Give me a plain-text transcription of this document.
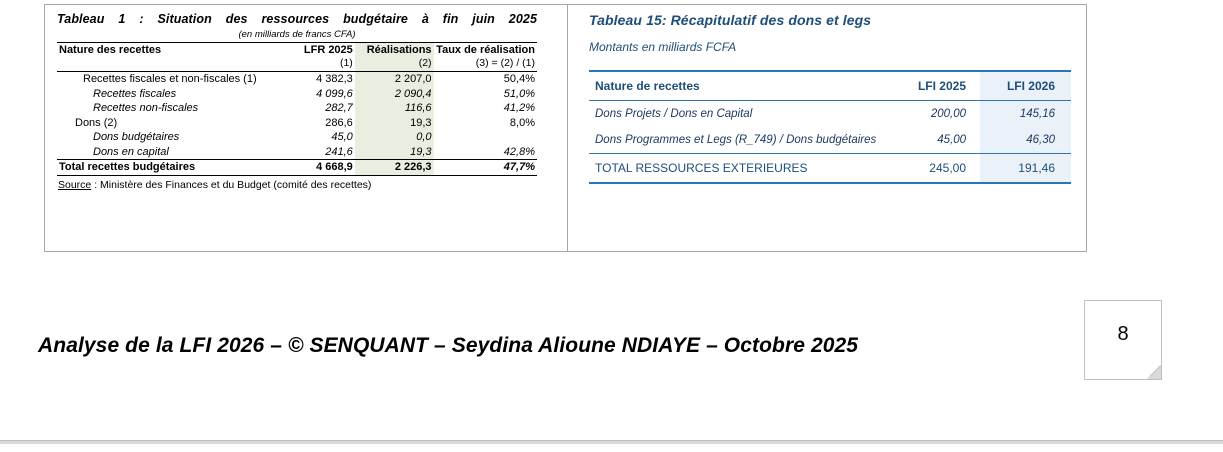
Tableau 1 : Situation des ressources budgétaire à fin juin 2025
(en milliards de francs CFA)
Nature des recettes	LFR 2025	Réalisations	Taux de réalisation
	(1)	(2)	(3) = (2) / (1)
Recettes fiscales et non-fiscales (1)	4 382,3	2 207,0	50,4%
Recettes fiscales	4 099,6	2 090,4	51,0%
Recettes non-fiscales	282,7	116,6	41,2%
Dons (2)	286,6	19,3	8,0%
Dons budgétaires	45,0	0,0	
Dons en capital	241,6	19,3	42,8%
Total recettes budgétaires	4 668,9	2 226,3	47,7%
Source : Ministère des Finances et du Budget (comité des recettes)
Tableau 15: Récapitulatif des dons et legs
Montants en milliards FCFA
Nature de recettes	LFI 2025	LFI 2026
Dons Projets / Dons en Capital	200,00	145,16
Dons Programmes et Legs (R_749) / Dons budgétaires	45,00	46,30
TOTAL RESSOURCES EXTERIEURES	245,00	191,46
Analyse de la LFI 2026 – © SENQUANT – Seydina Alioune NDIAYE – Octobre 2025	8
